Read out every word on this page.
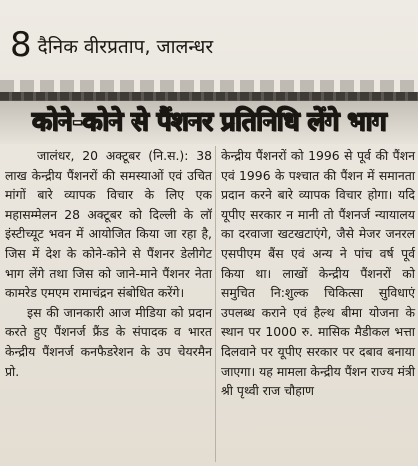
8 दैनिक वीरप्रताप, जालन्धर
कोने-कोने से पैंशनर प्रतिनिधि लेंगे भाग

जालंधर, 20 अक्टूबर (नि.स.): 38 लाख केन्द्रीय पैंशनरों की समस्याओं एवं उचित मांगों बारे व्यापक विचार के लिए एक महासम्मेलन 28 अक्टूबर को दिल्ली के लॉ इंस्टीच्यूट भवन में आयोजित किया जा रहा है, जिस में देश के कोने-कोने से पैंशनर डेलीगेट भाग लेंगे तथा जिस को जाने-माने पैंशनर नेता कामरेड एमएम रामाचंद्रन संबोधित करेंगे।

इस की जानकारी आज मीडिया को प्रदान करते हुए पैंशनर्ज फ्रैंड के संपादक व भारत केन्द्रीय पैंशनर्ज कनफैडरेशन के उप चेयरमैन प्रो.

केन्द्रीय पैंशनरों को 1996 से पूर्व की पैंशन एवं 1996 के पश्चात की पैंशन में समानता प्रदान करने बारे व्यापक विचार होगा। यदि यूपीए सरकार न मानी तो पैंशनर्ज न्यायालय का दरवाजा खटखटाएंगे, जैसे मेजर जनरल एसपीएम बैंस एवं अन्य ने पांच वर्ष पूर्व किया था। लाखों केन्द्रीय पैंशनरों को समुचित नि:शुल्क चिकित्सा सुविधाएं उपलब्ध कराने एवं हैल्थ बीमा योजना के स्थान पर 1000 रु. मासिक मैडीकल भत्ता दिलवाने पर यूपीए सरकार पर दबाव बनाया जाएगा। यह मामला केन्द्रीय पैंशन राज्य मंत्री श्री पृथ्वी राज चौहाण
